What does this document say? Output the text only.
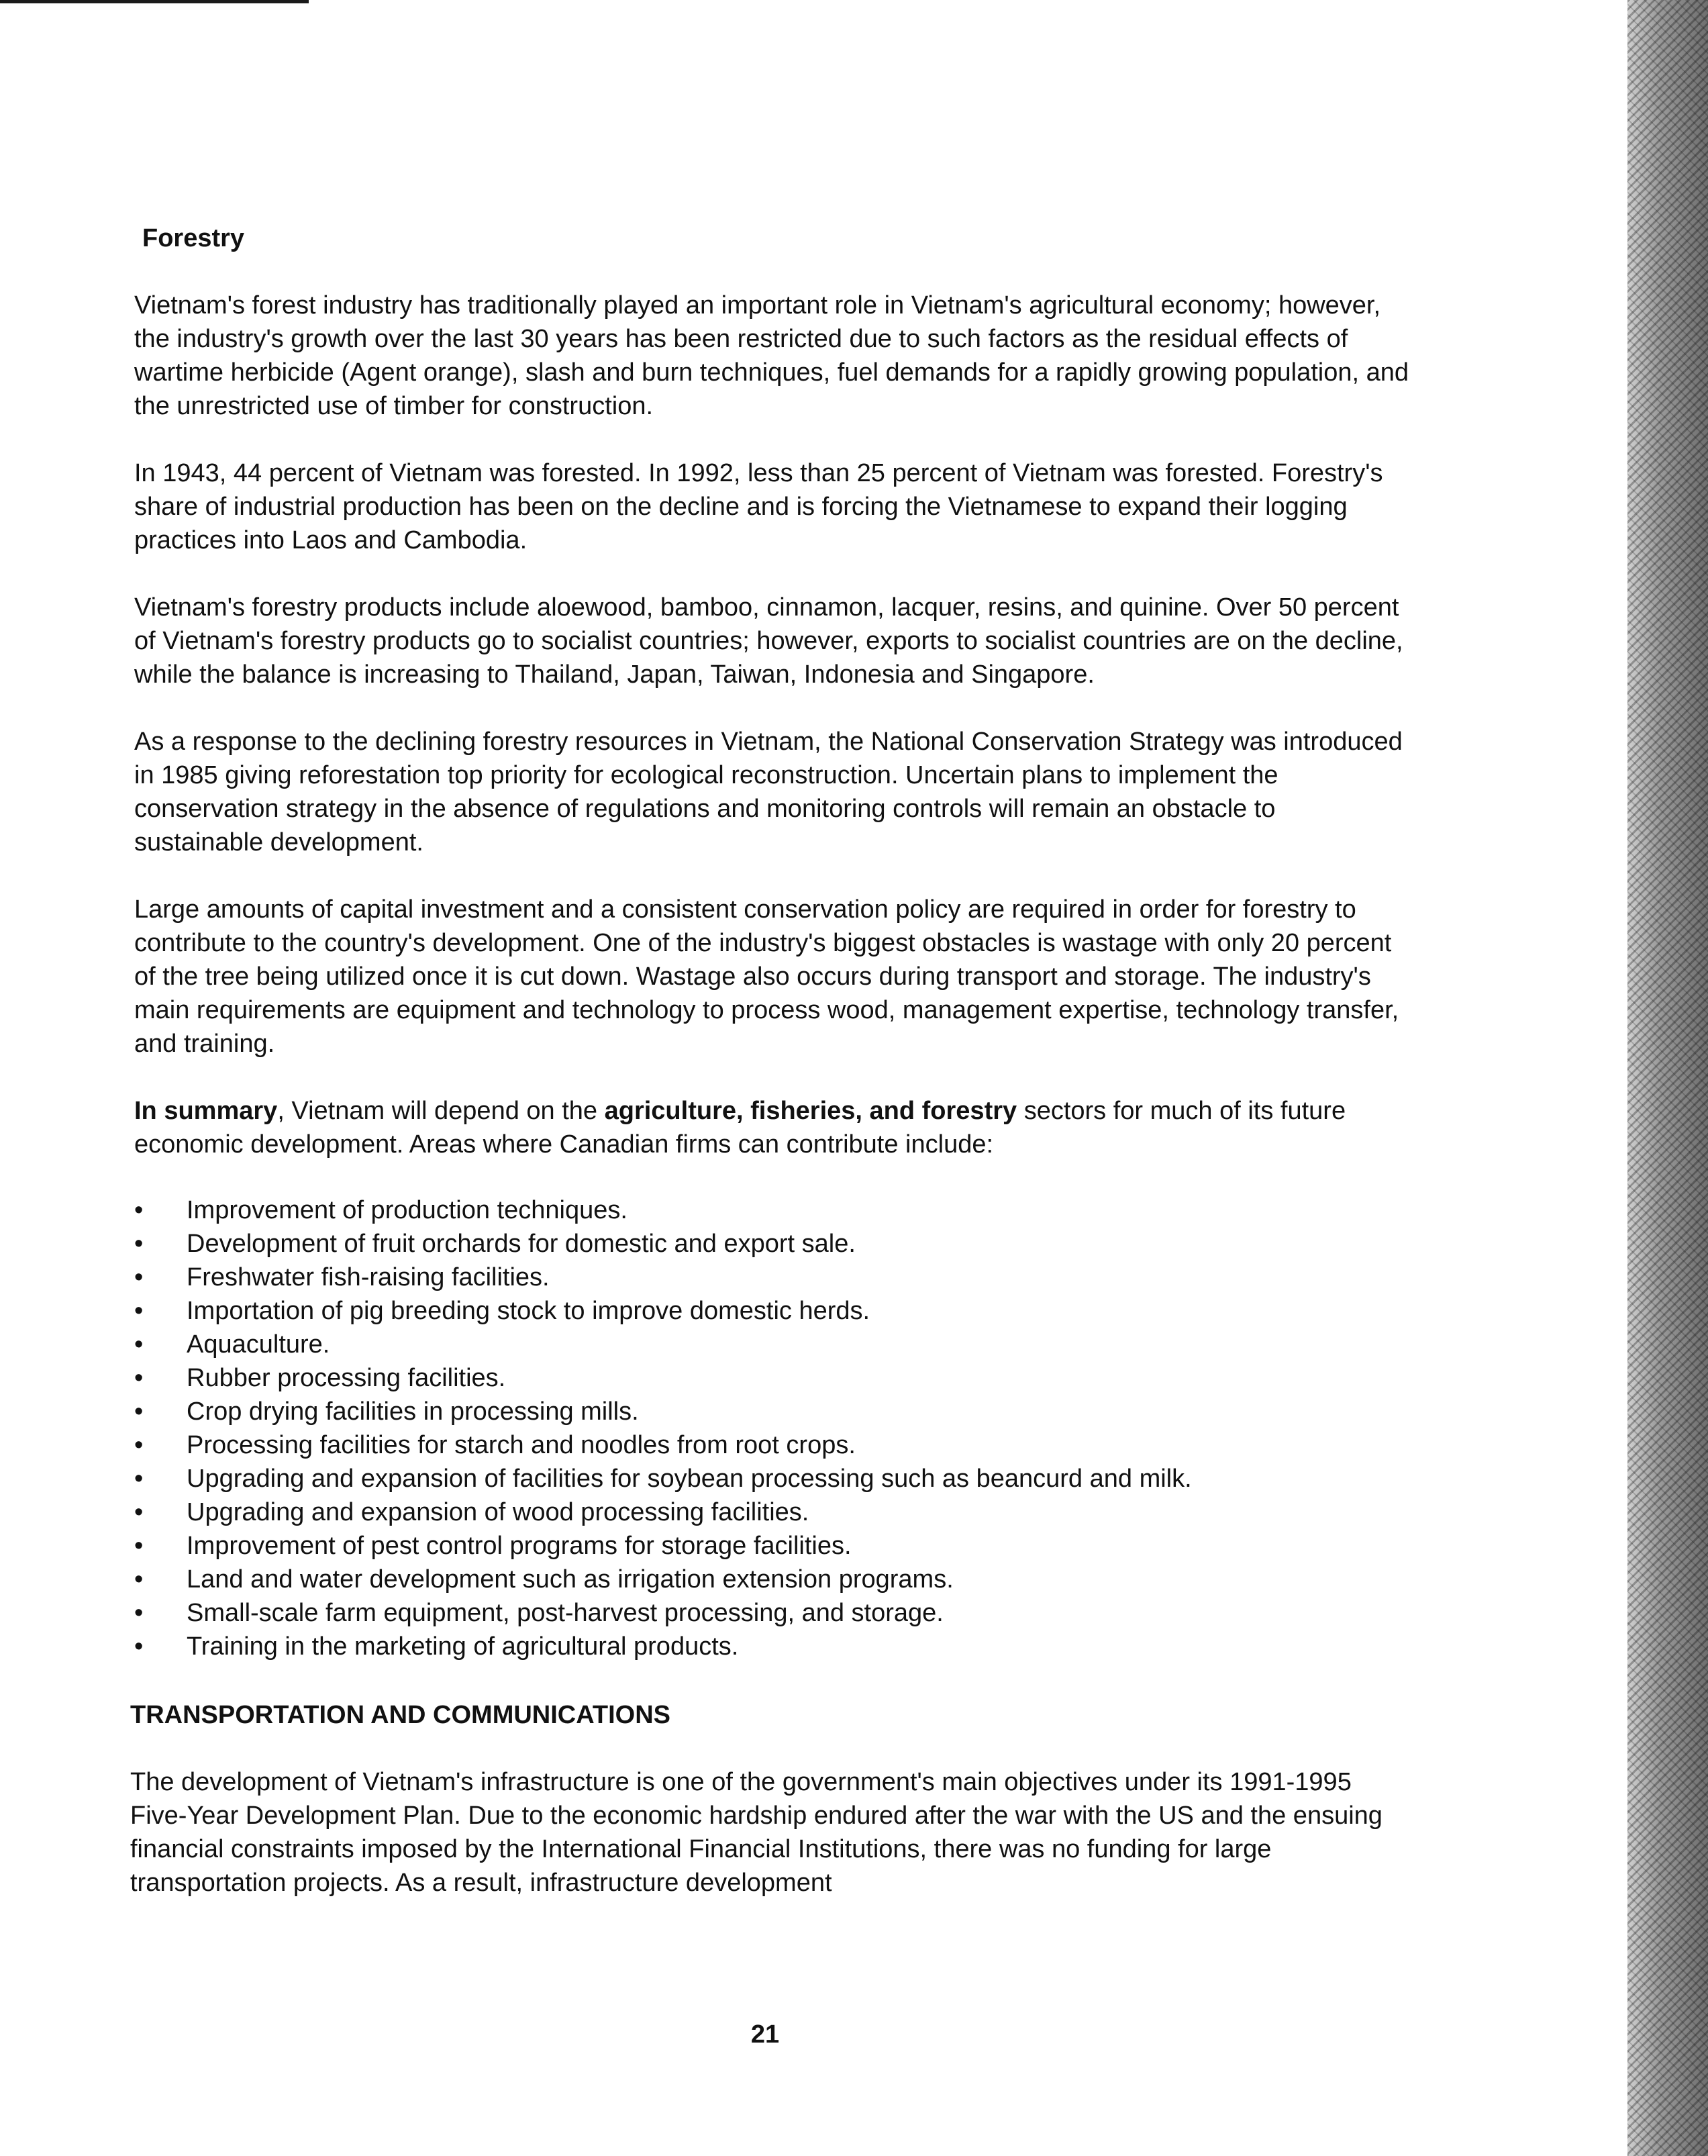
Forestry

Vietnam's forest industry has traditionally played an important role in Vietnam's agricultural economy; however, the industry's growth over the last 30 years has been restricted due to such factors as the residual effects of wartime herbicide (Agent orange), slash and burn techniques, fuel demands for a rapidly growing population, and the unrestricted use of timber for construction.

In 1943, 44 percent of Vietnam was forested. In 1992, less than 25 percent of Vietnam was forested. Forestry's share of industrial production has been on the decline and is forcing the Vietnamese to expand their logging practices into Laos and Cambodia.

Vietnam's forestry products include aloewood, bamboo, cinnamon, lacquer, resins, and quinine. Over 50 percent of Vietnam's forestry products go to socialist countries; however, exports to socialist countries are on the decline, while the balance is increasing to Thailand, Japan, Taiwan, Indonesia and Singapore.

As a response to the declining forestry resources in Vietnam, the National Conservation Strategy was introduced in 1985 giving reforestation top priority for ecological reconstruction. Uncertain plans to implement the conservation strategy in the absence of regulations and monitoring controls will remain an obstacle to sustainable development.

Large amounts of capital investment and a consistent conservation policy are required in order for forestry to contribute to the country's development. One of the industry's biggest obstacles is wastage with only 20 percent of the tree being utilized once it is cut down. Wastage also occurs during transport and storage. The industry's main requirements are equipment and technology to process wood, management expertise, technology transfer, and training.

In summary, Vietnam will depend on the agriculture, fisheries, and forestry sectors for much of its future economic development. Areas where Canadian firms can contribute include:

• Improvement of production techniques.
• Development of fruit orchards for domestic and export sale.
• Freshwater fish-raising facilities.
• Importation of pig breeding stock to improve domestic herds.
• Aquaculture.
• Rubber processing facilities.
• Crop drying facilities in processing mills.
• Processing facilities for starch and noodles from root crops.
• Upgrading and expansion of facilities for soybean processing such as beancurd and milk.
• Upgrading and expansion of wood processing facilities.
• Improvement of pest control programs for storage facilities.
• Land and water development such as irrigation extension programs.
• Small-scale farm equipment, post-harvest processing, and storage.
• Training in the marketing of agricultural products.
TRANSPORTATION AND COMMUNICATIONS

The development of Vietnam's infrastructure is one of the government's main objectives under its 1991-1995 Five-Year Development Plan. Due to the economic hardship endured after the war with the US and the ensuing financial constraints imposed by the International Financial Institutions, there was no funding for large transportation projects. As a result, infrastructure development

21
